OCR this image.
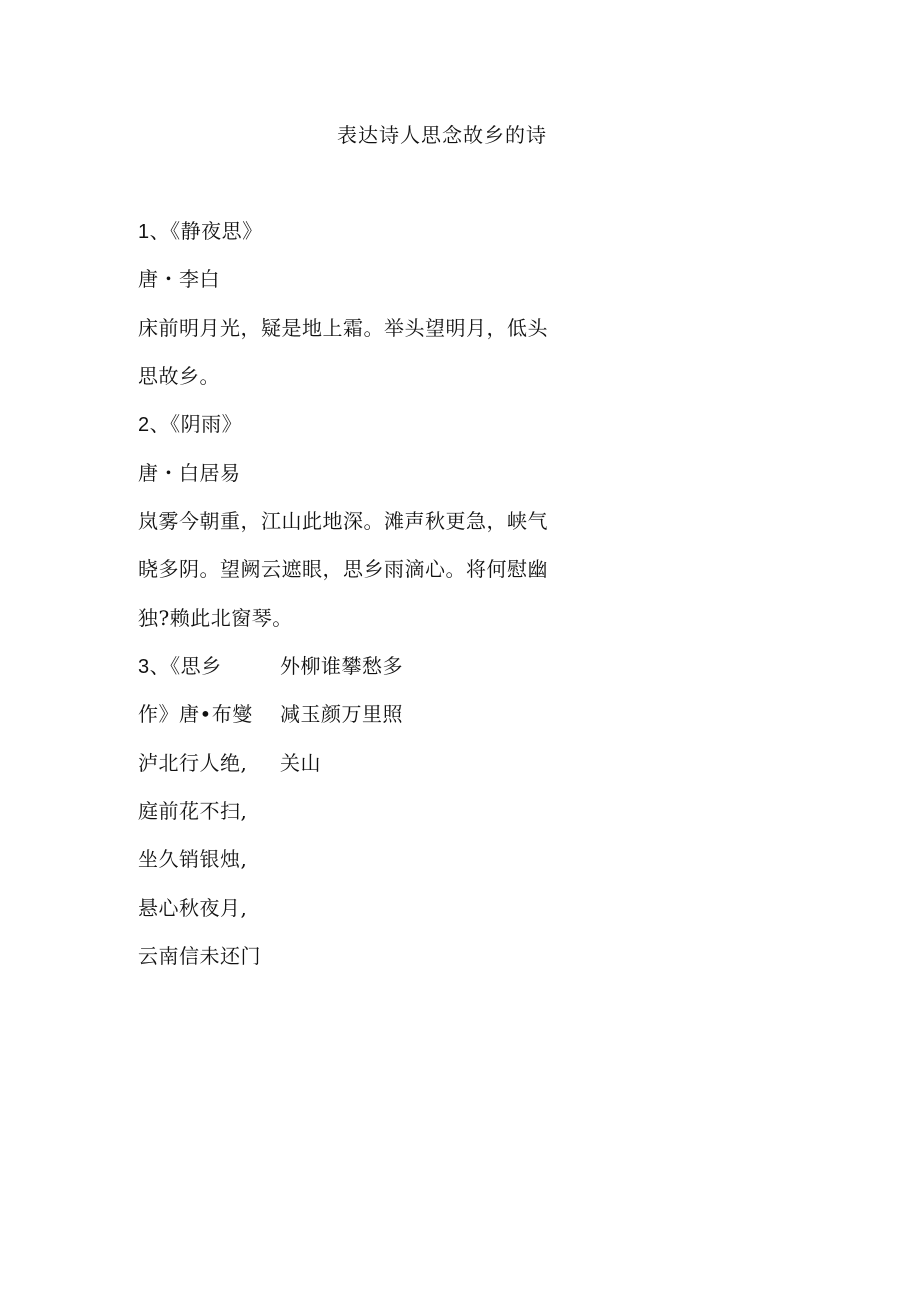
表达诗人思念故乡的诗
1、《静夜思》
唐・李白
床前明月光，疑是地上霜。举头望明月，低头
思故乡。
2、《阴雨》
唐・白居易
岚雾今朝重，江山此地深。滩声秋更急，峡气
晓多阴。望阙云遮眼，思乡雨滴心。将何慰幽
独?赖此北窗琴。
3、《思乡	外柳谁攀愁多
作》唐•布燮 减玉颜万里照
泸北行人绝, 关山
庭前花不扫,
坐久销银烛,
悬心秋夜月,
云南信未还门
